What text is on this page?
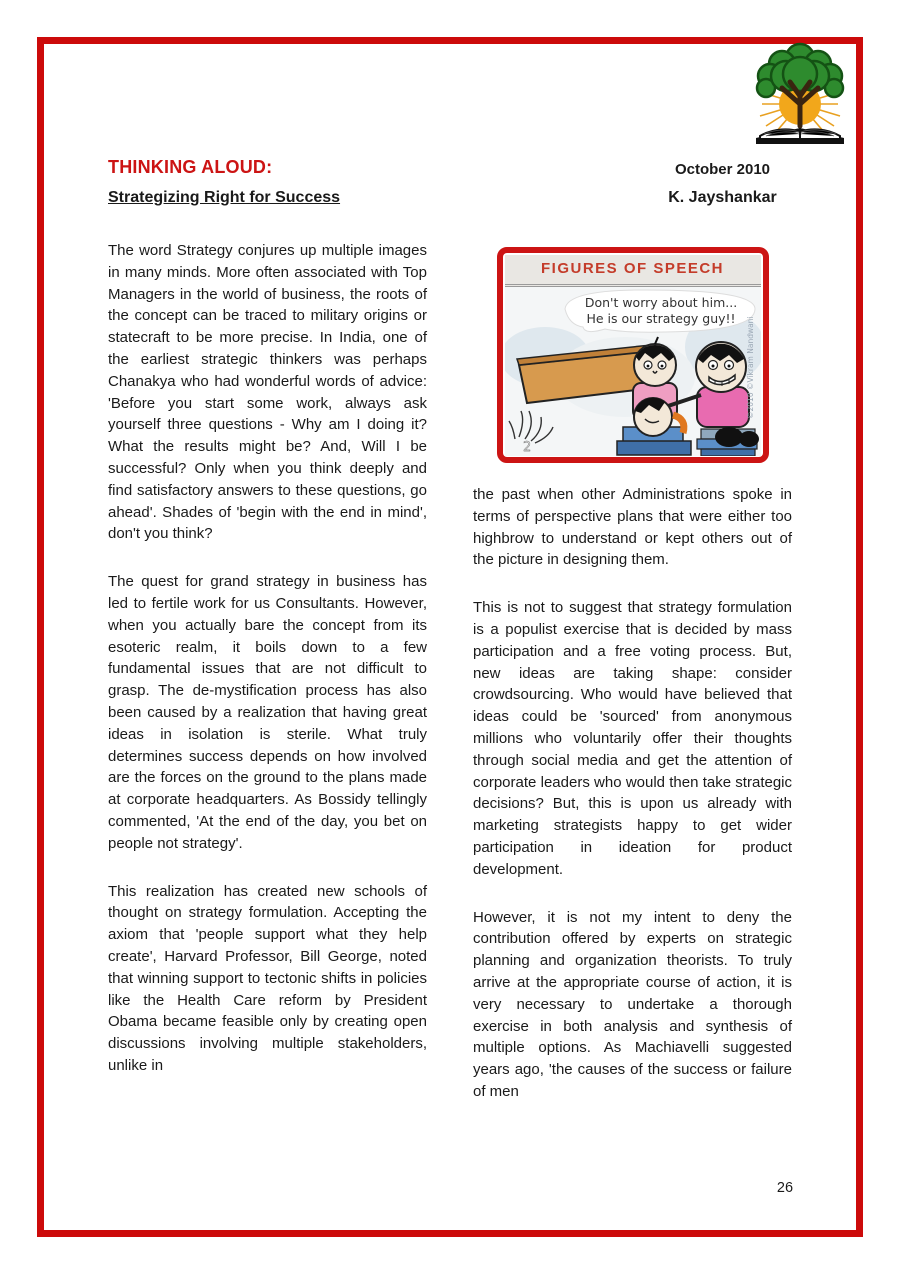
THINKING ALOUD:	October 2010
Strategizing Right for Success	K. Jayshankar

The word Strategy conjures up multiple images in many minds. More often associated with Top Managers in the world of business, the roots of the concept can be traced to military origins or statecraft to be more precise. In India, one of the earliest strategic thinkers was perhaps Chanakya who had wonderful words of advice: 'Before you start some work, always ask yourself three questions - Why am I doing it? What the results might be? And, Will I be successful? Only when you think deeply and find satisfactory answers to these questions, go ahead'. Shades of 'begin with the end in mind', don't you think?

The quest for grand strategy in business has led to fertile work for us Consultants. However, when you actually bare the concept from its esoteric realm, it boils down to a few fundamental issues that are not difficult to grasp. The de-mystification process has also been caused by a realization that having great ideas in isolation is sterile. What truly determines success depends on how involved are the forces on the ground to the plans made at corporate headquarters. As Bossidy tellingly commented, 'At the end of the day, you bet on people not strategy'.

This realization has created new schools of thought on strategy formulation. Accepting the axiom that 'people support what they help create', Harvard Professor, Bill George, noted that winning support to tectonic shifts in policies like the Health Care reform by President Obama became feasible only by creating open discussions involving multiple stakeholders, unlike in

FIGURES OF SPEECH
2
Don't worry about him...
He is our strategy guy!! ©2010 ©Vikram Nandwani

the past when other Administrations spoke in terms of perspective plans that were either too highbrow to understand or kept others out of the picture in designing them.

This is not to suggest that strategy formulation is a populist exercise that is decided by mass participation and a free voting process. But, new ideas are taking shape: consider crowdsourcing. Who would have believed that ideas could be 'sourced' from anonymous millions who voluntarily offer their thoughts through social media and get the attention of corporate leaders who would then take strategic decisions? But, this is upon us already with marketing strategists happy to get wider participation in ideation for product development.

However, it is not my intent to deny the contribution offered by experts on strategic planning and organization theorists. To truly arrive at the appropriate course of action, it is very necessary to undertake a thorough exercise in both analysis and synthesis of multiple options. As Machiavelli suggested years ago, 'the causes of the success or failure of men

26
